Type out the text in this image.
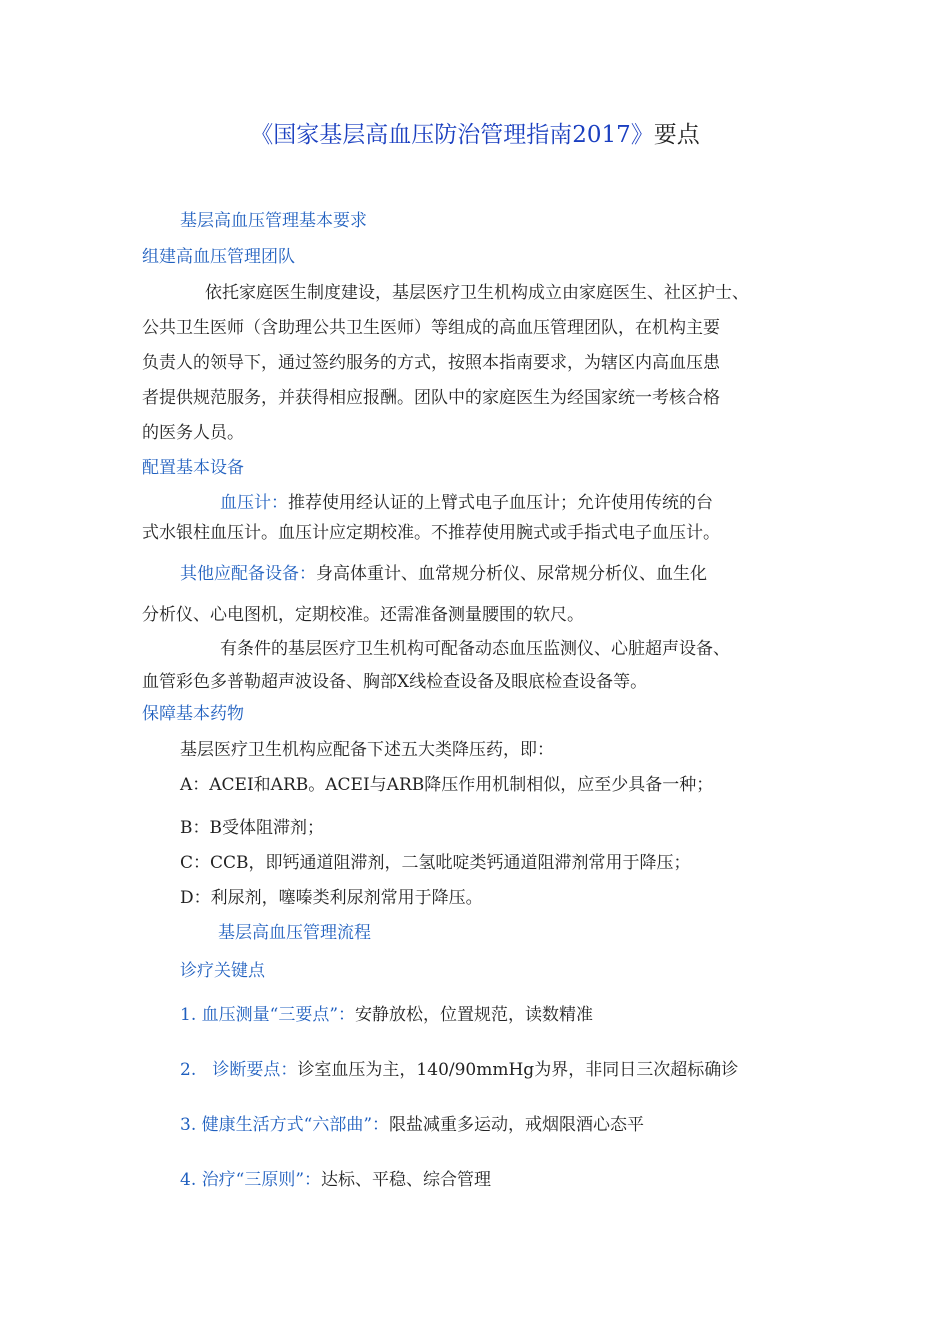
《国家基层高血压防治管理指南2017》要点
基层高血压管理基本要求
组建高血压管理团队
依托家庭医生制度建设，基层医疗卫生机构成立由家庭医生、社区护士、
公共卫生医师（含助理公共卫生医师）等组成的高血压管理团队，在机构主要
负责人的领导下，通过签约服务的方式，按照本指南要求，为辖区内高血压患
者提供规范服务，并获得相应报酬。团队中的家庭医生为经国家统一考核合格
的医务人员。
配置基本设备
血压计：推荐使用经认证的上臂式电子血压计；允许使用传统的台
式水银柱血压计。血压计应定期校准。不推荐使用腕式或手指式电子血压计。
其他应配备设备：身高体重计、血常规分析仪、尿常规分析仪、血生化
分析仪、心电图机，定期校准。还需准备测量腰围的软尺。
有条件的基层医疗卫生机构可配备动态血压监测仪、心脏超声设备、
血管彩色多普勒超声波设备、胸部X线检查设备及眼底检查设备等。
保障基本药物
基层医疗卫生机构应配备下述五大类降压药，即：
A：ACEI和ARB。ACEI与ARB降压作用机制相似，应至少具备一种；
B：B受体阻滞剂；
C：CCB，即钙通道阻滞剂，二氢吡啶类钙通道阻滞剂常用于降压；
D：利尿剂，噻嗪类利尿剂常用于降压。
基层高血压管理流程
诊疗关键点
1. 血压测量“三要点”：安静放松，位置规范，读数精准
2.   诊断要点：诊室血压为主，140/90mmHg为界，非同日三次超标确诊
3. 健康生活方式“六部曲”：限盐减重多运动，戒烟限酒心态平
4. 治疗“三原则”：达标、平稳、综合管理
